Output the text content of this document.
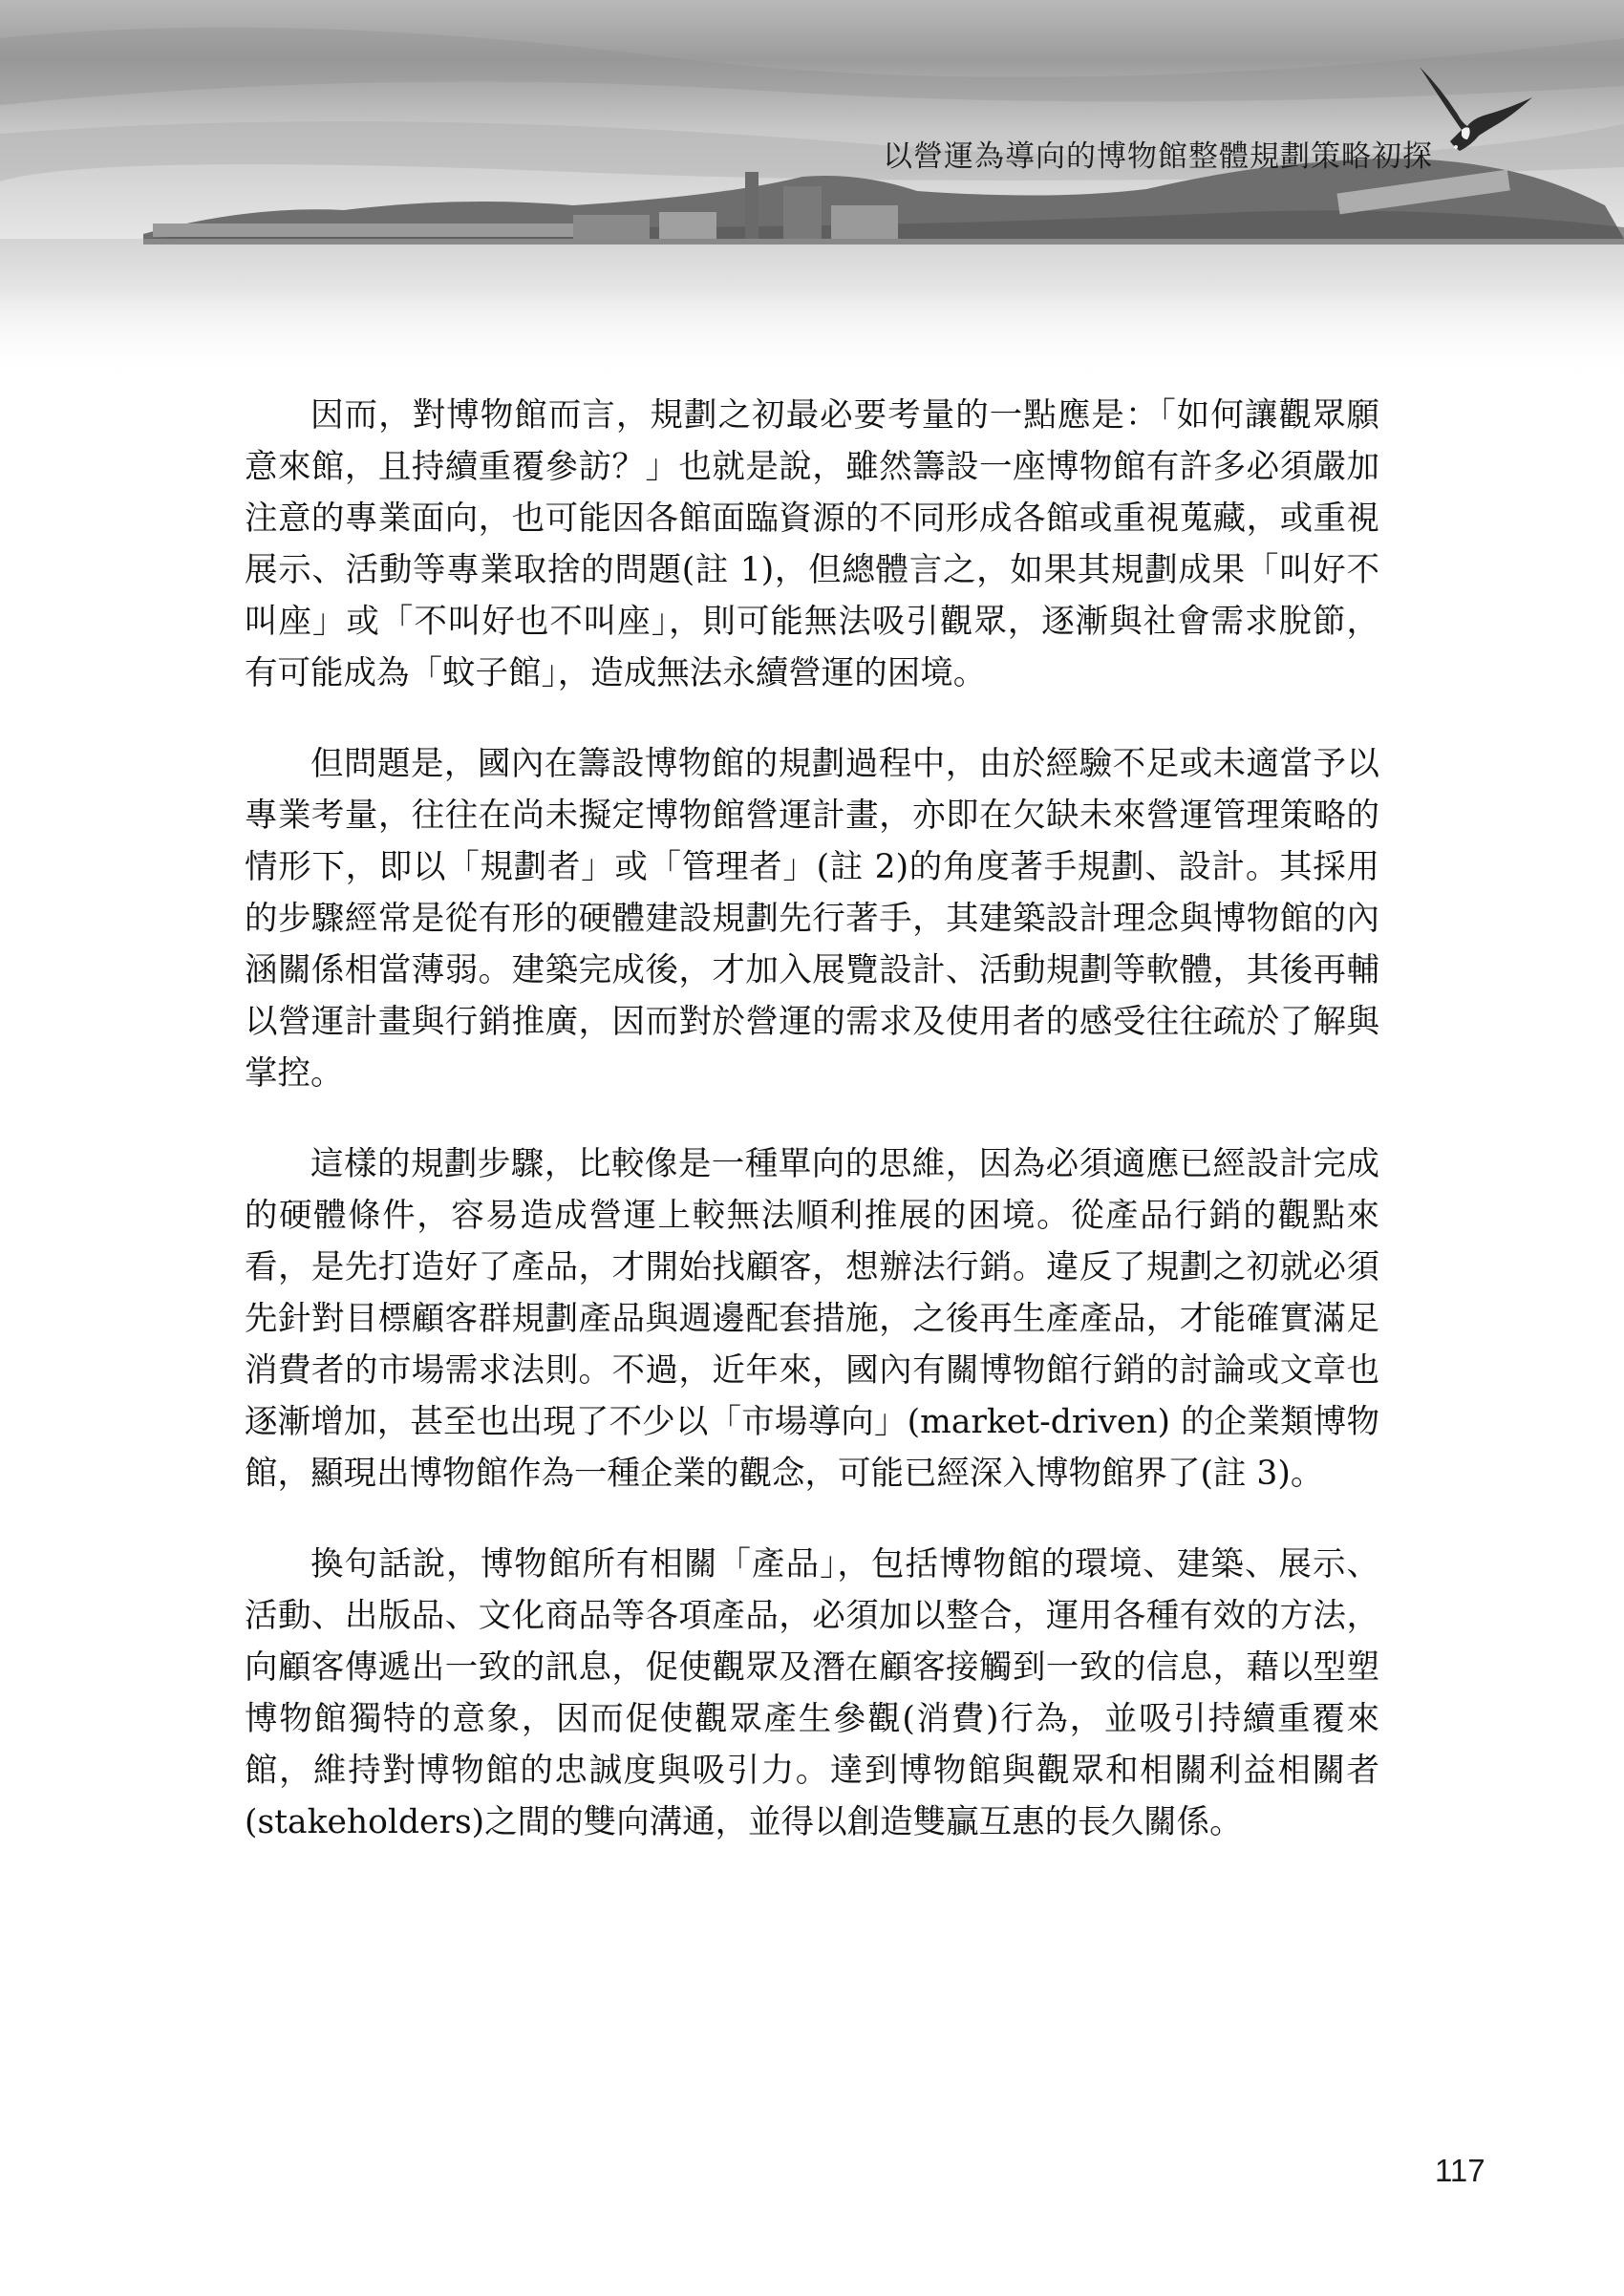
以營運為導向的博物館整體規劃策略初探

因而，對博物館而言，規劃之初最必要考量的一點應是：「如何讓觀眾願意來館，且持續重覆參訪？」也就是說，雖然籌設一座博物館有許多必須嚴加注意的專業面向，也可能因各館面臨資源的不同形成各館或重視蒐藏，或重視展示、活動等專業取捨的問題(註 1)，但總體言之，如果其規劃成果「叫好不叫座」或「不叫好也不叫座」，則可能無法吸引觀眾，逐漸與社會需求脫節，有可能成為「蚊子館」，造成無法永續營運的困境。

但問題是，國內在籌設博物館的規劃過程中，由於經驗不足或未適當予以專業考量，往往在尚未擬定博物館營運計畫，亦即在欠缺未來營運管理策略的情形下，即以「規劃者」或「管理者」(註 2)的角度著手規劃、設計。其採用的步驟經常是從有形的硬體建設規劃先行著手，其建築設計理念與博物館的內涵關係相當薄弱。建築完成後，才加入展覽設計、活動規劃等軟體，其後再輔以營運計畫與行銷推廣，因而對於營運的需求及使用者的感受往往疏於了解與掌控。

這樣的規劃步驟，比較像是一種單向的思維，因為必須適應已經設計完成的硬體條件，容易造成營運上較無法順利推展的困境。從產品行銷的觀點來看，是先打造好了產品，才開始找顧客，想辦法行銷。違反了規劃之初就必須先針對目標顧客群規劃產品與週邊配套措施，之後再生產產品，才能確實滿足消費者的市場需求法則。不過，近年來，國內有關博物館行銷的討論或文章也逐漸增加，甚至也出現了不少以「市場導向」(market-driven) 的企業類博物館，顯現出博物館作為一種企業的觀念，可能已經深入博物館界了(註 3)。

換句話說，博物館所有相關「產品」，包括博物館的環境、建築、展示、活動、出版品、文化商品等各項產品，必須加以整合，運用各種有效的方法，向顧客傳遞出一致的訊息，促使觀眾及潛在顧客接觸到一致的信息，藉以型塑博物館獨特的意象，因而促使觀眾產生參觀(消費)行為，並吸引持續重覆來館，維持對博物館的忠誠度與吸引力。達到博物館與觀眾和相關利益相關者(stakeholders)之間的雙向溝通，並得以創造雙贏互惠的長久關係。

117
